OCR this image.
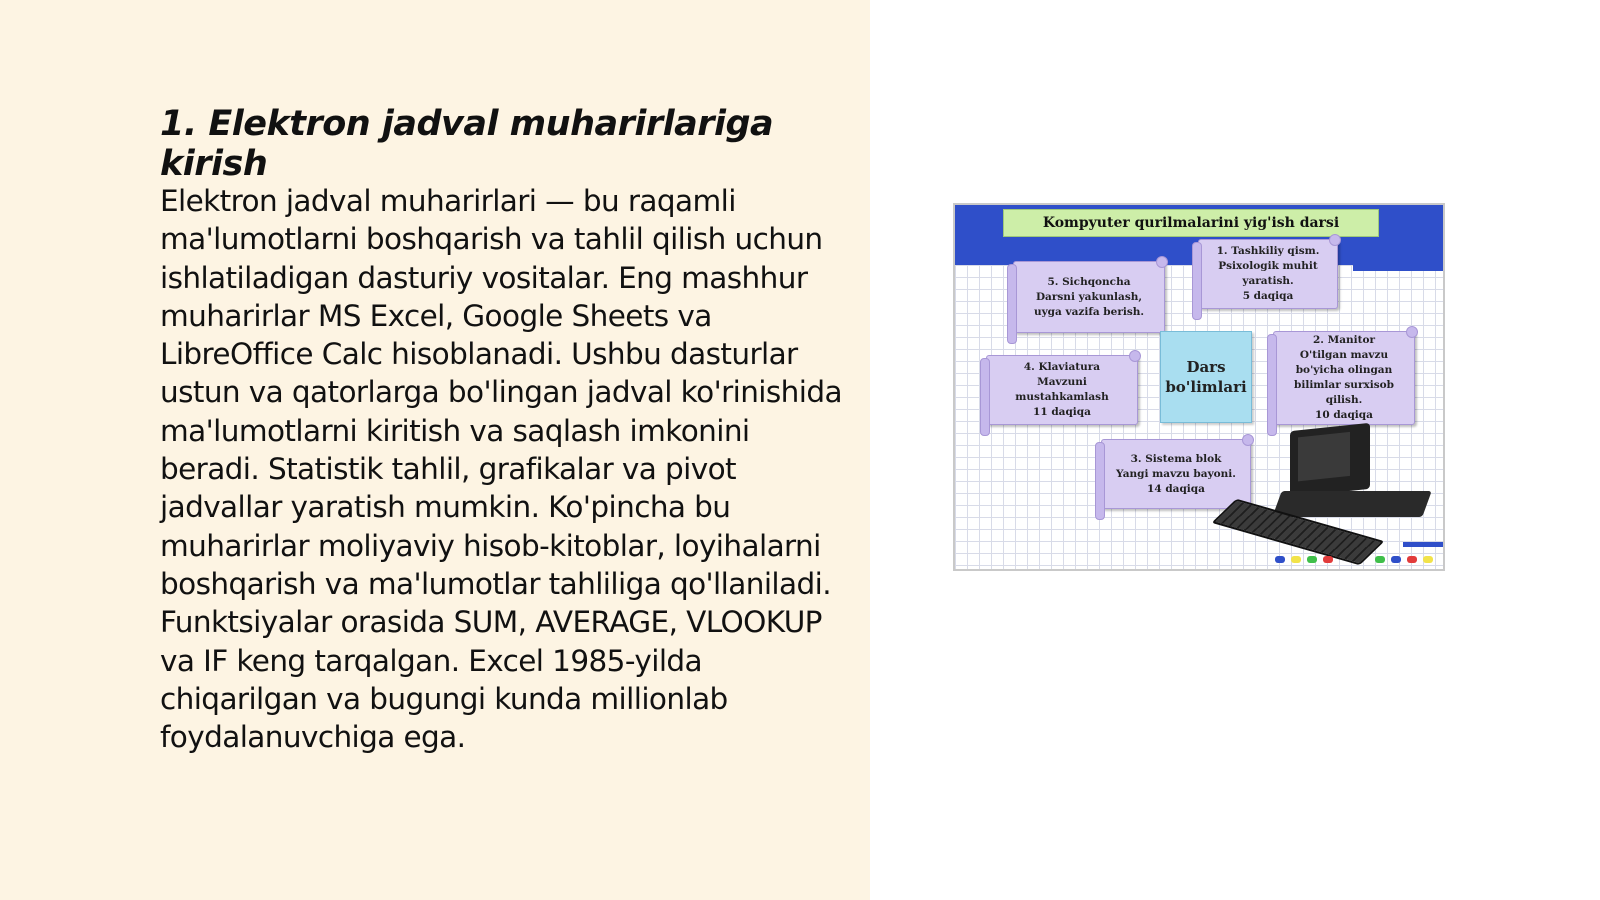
1. Elektron jadval muharirlariga kirish

Elektron jadval muharirlari — bu raqamli ma'lumotlarni boshqarish va tahlil qilish uchun ishlatiladigan dasturiy vositalar. Eng mashhur muharirlar MS Excel, Google Sheets va LibreOffice Calc hisoblanadi. Ushbu dasturlar ustun va qatorlarga bo'lingan jadval ko'rinishida ma'lumotlarni kiritish va saqlash imkonini beradi. Statistik tahlil, grafikalar va pivot jadvallar yaratish mumkin. Ko'pincha bu muharirlar moliyaviy hisob-kitoblar, loyihalarni boshqarish va ma'lumotlar tahliliga qo'llaniladi. Funktsiyalar orasida SUM, AVERAGE, VLOOKUP va IF keng tarqalgan. Excel 1985-yilda chiqarilgan va bugungi kunda millionlab foydalanuvchiga ega.

Kompyuter qurilmalarini yig'ish darsi
5. Sichqoncha
Darsni yakunlash,
uyga vazifa berish.
1. Tashkiliy qism.
Psixologik muhit
yaratish.
5 daqiqa
Dars
bo'limlari
2. Manitor
O'tilgan mavzu
bo'yicha olingan
bilimlar surxisob
qilish.
10 daqiqa
4. Klaviatura
Mavzuni
mustahkamlash
11 daqiqa
3. Sistema blok
Yangi mavzu bayoni.
14 daqiqa
